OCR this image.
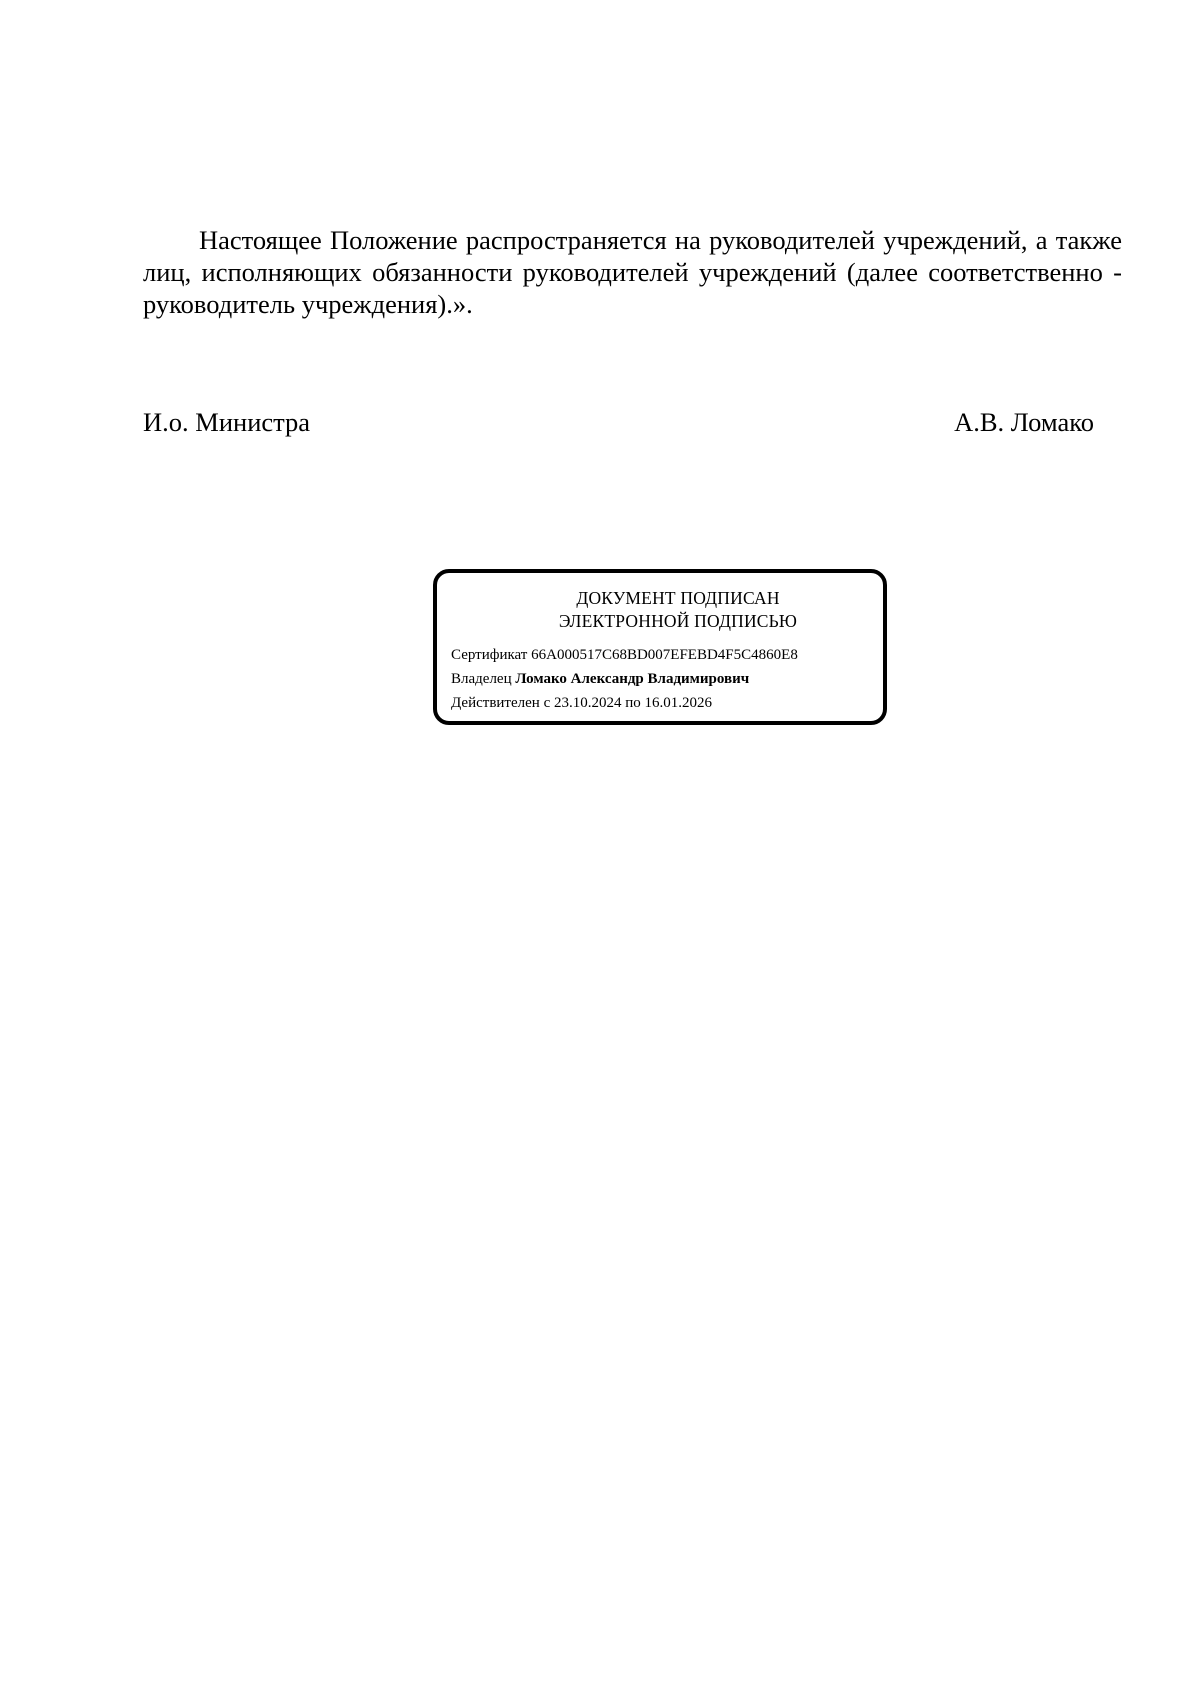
Настоящее Положение распространяется на руководителей учреждений, а также лиц, исполняющих обязанности руководителей учреждений (далее соответственно - руководитель учреждения).».

И.о. Министра	А.В. Ломако
ДОКУМЕНТ ПОДПИСАН
ЭЛЕКТРОННОЙ ПОДПИСЬЮ
Сертификат 66A000517C68BD007EFEBD4F5C4860E8
Владелец Ломако Александр Владимирович
Действителен с 23.10.2024 по 16.01.2026
